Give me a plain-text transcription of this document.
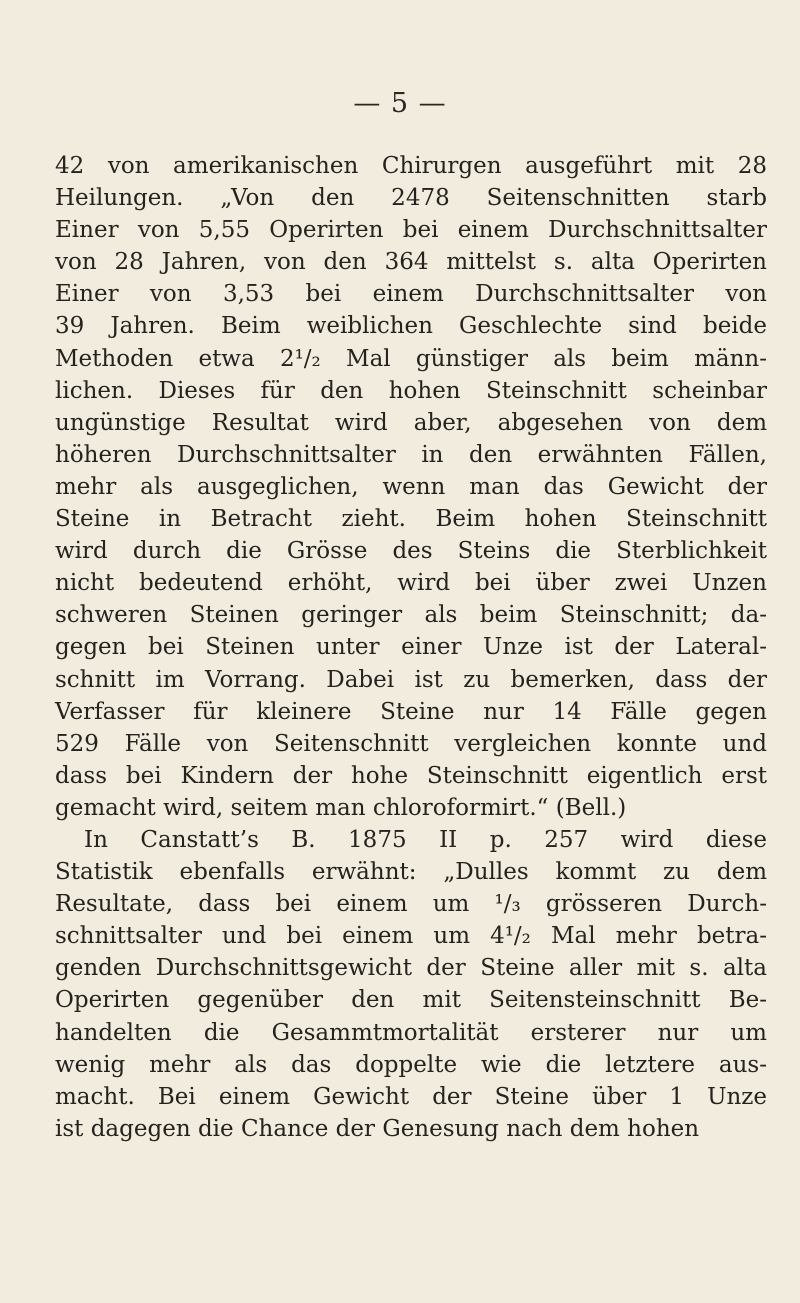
— 5 —
42 von amerikanischen Chirurgen ausgeführt mit 28
Heilungen. „Von den 2478 Seitenschnitten starb
Einer von 5,55 Operirten bei einem Durchschnittsalter
von 28 Jahren, von den 364 mittelst s. alta Operirten
Einer von 3,53 bei einem Durchschnittsalter von
39 Jahren. Beim weiblichen Geschlechte sind beide
Methoden etwa 2¹/₂ Mal günstiger als beim männ-
lichen. Dieses für den hohen Steinschnitt scheinbar
ungünstige Resultat wird aber, abgesehen von dem
höheren Durchschnittsalter in den erwähnten Fällen,
mehr als ausgeglichen, wenn man das Gewicht der
Steine in Betracht zieht. Beim hohen Steinschnitt
wird durch die Grösse des Steins die Sterblichkeit
nicht bedeutend erhöht, wird bei über zwei Unzen
schweren Steinen geringer als beim Steinschnitt; da-
gegen bei Steinen unter einer Unze ist der Lateral-
schnitt im Vorrang. Dabei ist zu bemerken, dass der
Verfasser für kleinere Steine nur 14 Fälle gegen
529 Fälle von Seitenschnitt vergleichen konnte und
dass bei Kindern der hohe Steinschnitt eigentlich erst
gemacht wird, seitem man chloroformirt.“ (Bell.)
In Canstatt’s B. 1875 II p. 257 wird diese
Statistik ebenfalls erwähnt: „Dulles kommt zu dem
Resultate, dass bei einem um ¹/₃ grösseren Durch-
schnittsalter und bei einem um 4¹/₂ Mal mehr betra-
genden Durchschnittsgewicht der Steine aller mit s. alta
Operirten gegenüber den mit Seitensteinschnitt Be-
handelten die Gesammtmortalität ersterer nur um
wenig mehr als das doppelte wie die letztere aus-
macht. Bei einem Gewicht der Steine über 1 Unze
ist dagegen die Chance der Genesung nach dem hohen
